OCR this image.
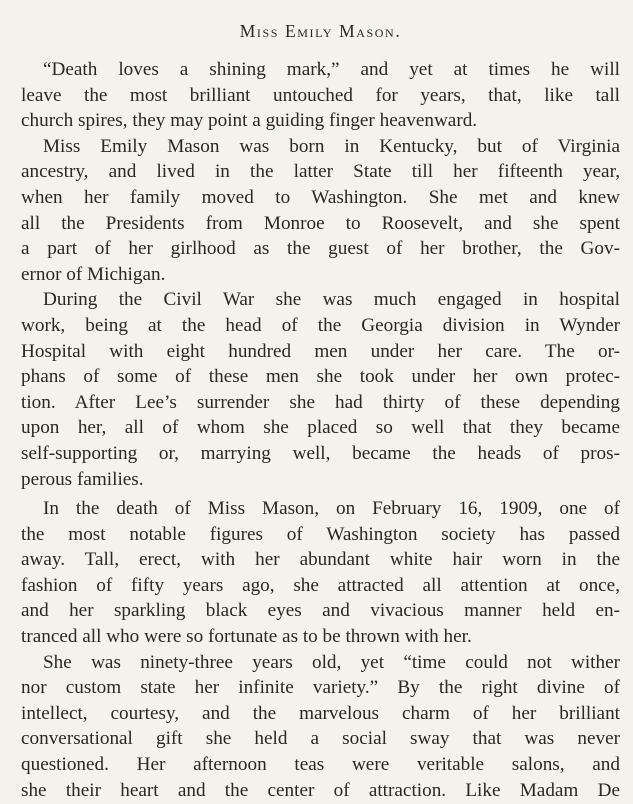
Miss Emily Mason.
“Death loves a shining mark,” and yet at times he will
leave the most brilliant untouched for years, that, like tall
church spires, they may point a guiding finger heavenward.
Miss Emily Mason was born in Kentucky, but of Virginia
ancestry, and lived in the latter State till her fifteenth year,
when her family moved to Washington. She met and knew
all the Presidents from Monroe to Roosevelt, and she spent
a part of her girlhood as the guest of her brother, the Gov-
ernor of Michigan.
During the Civil War she was much engaged in hospital
work, being at the head of the Georgia division in Wynder
Hospital with eight hundred men under her care. The or-
phans of some of these men she took under her own protec-
tion. After Lee’s surrender she had thirty of these depending
upon her, all of whom she placed so well that they became
self-supporting or, marrying well, became the heads of pros-
perous families.
In the death of Miss Mason, on February 16, 1909, one of
the most notable figures of Washington society has passed
away. Tall, erect, with her abundant white hair worn in the
fashion of fifty years ago, she attracted all attention at once,
and her sparkling black eyes and vivacious manner held en-
tranced all who were so fortunate as to be thrown with her.
She was ninety-three years old, yet “time could not wither
nor custom state her infinite variety.” By the right divine of
intellect, courtesy, and the marvelous charm of her brilliant
conversational gift she held a social sway that was never
questioned. Her afternoon teas were veritable salons, and
she their heart and the center of attraction. Like Madam De
